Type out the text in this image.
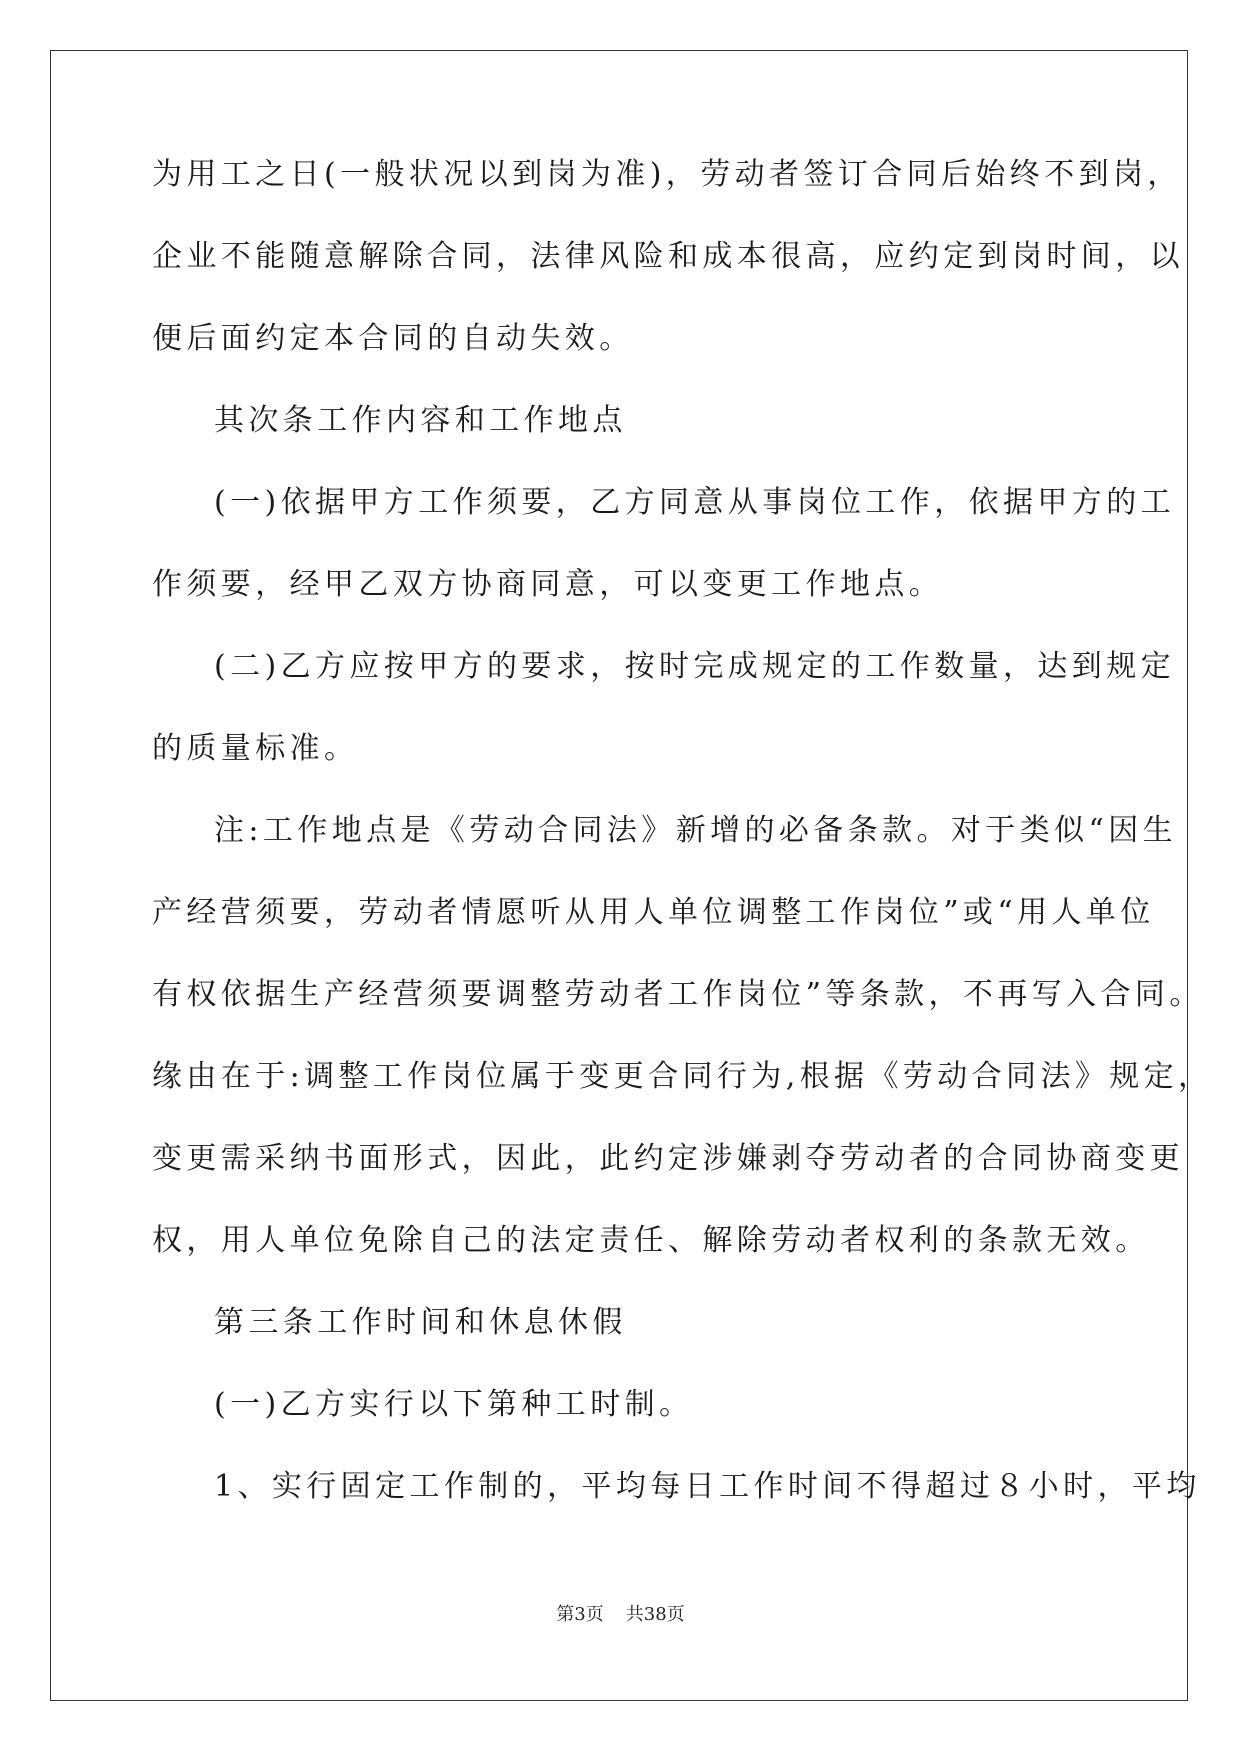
为用工之日(一般状况以到岗为准)，劳动者签订合同后始终不到岗，
企业不能随意解除合同，法律风险和成本很高，应约定到岗时间，以
便后面约定本合同的自动失效。
其次条工作内容和工作地点
(一)依据甲方工作须要，乙方同意从事岗位工作，依据甲方的工
作须要，经甲乙双方协商同意，可以变更工作地点。
(二)乙方应按甲方的要求，按时完成规定的工作数量，达到规定
的质量标准。
注:工作地点是《劳动合同法》新增的必备条款。对于类似“因生
产经营须要，劳动者情愿听从用人单位调整工作岗位”或“用人单位
有权依据生产经营须要调整劳动者工作岗位”等条款，不再写入合同。
缘由在于:调整工作岗位属于变更合同行为,根据《劳动合同法》规定，
变更需采纳书面形式，因此，此约定涉嫌剥夺劳动者的合同协商变更
权，用人单位免除自己的法定责任、解除劳动者权利的条款无效。
第三条工作时间和休息休假
(一)乙方实行以下第种工时制。
1、实行固定工作制的，平均每日工作时间不得超过８小时，平均
第3页 共38页
